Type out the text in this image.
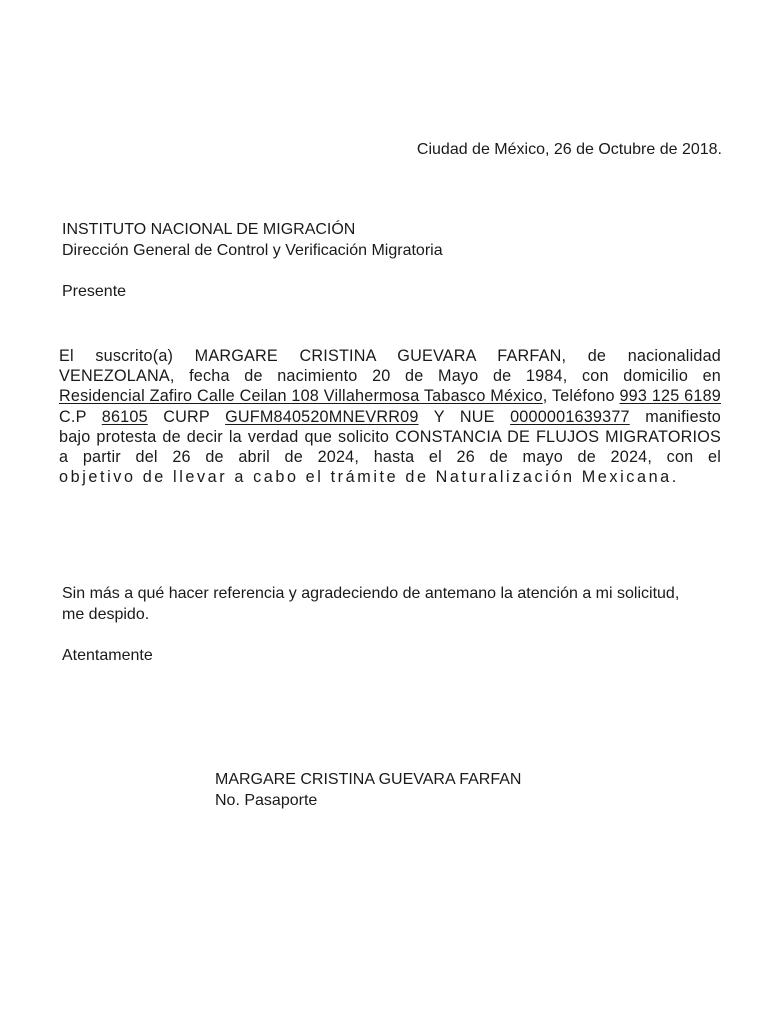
Ciudad de México, 26 de Octubre de 2018.
INSTITUTO NACIONAL DE MIGRACIÓN
Dirección General de Control y Verificación Migratoria
Presente
El suscrito(a) MARGARE CRISTINA GUEVARA FARFAN, de nacionalidad
VENEZOLANA, fecha de nacimiento 20 de Mayo de 1984, con domicilio en
Residencial Zafiro Calle Ceilan 108 Villahermosa Tabasco México, Teléfono 993 125 6189
C.P 86105 CURP GUFM840520MNEVRR09 Y NUE 0000001639377 manifiesto
bajo protesta de decir la verdad que solicito CONSTANCIA DE FLUJOS MIGRATORIOS
a partir del 26 de abril de 2024, hasta el 26 de mayo de 2024, con el
objetivo de llevar a cabo el trámite de Naturalización Mexicana.
Sin más a qué hacer referencia y agradeciendo de antemano la atención a mi solicitud,
me despido.
Atentamente
MARGARE CRISTINA GUEVARA FARFAN
No. Pasaporte
